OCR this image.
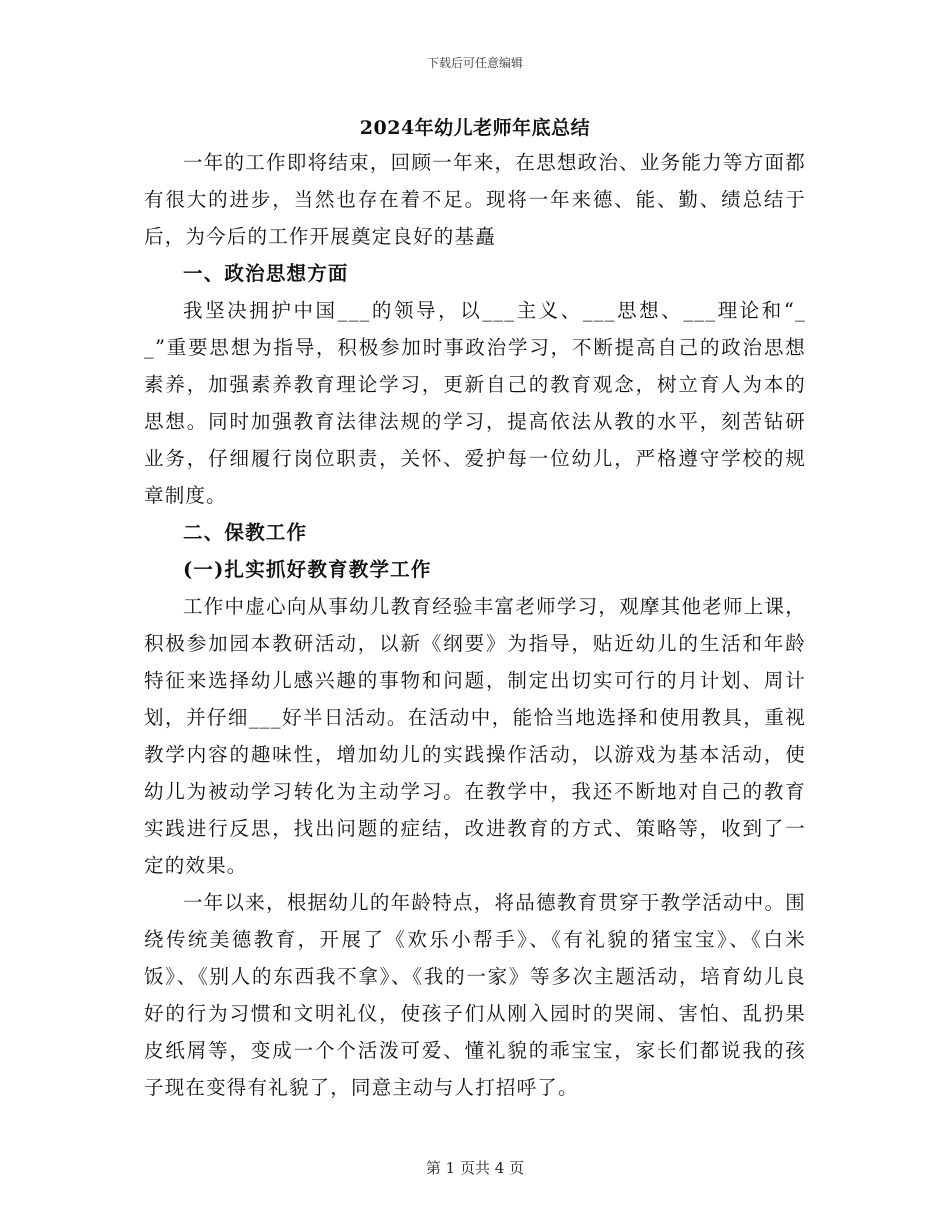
下载后可任意编辑
2024年幼儿老师年底总结

一年的工作即将结束，回顾一年来，在思想政治、业务能力等方面都有很大的进步，当然也存在着不足。现将一年来德、能、勤、绩总结于后，为今后的工作开展奠定良好的基矗

一、政治思想方面

我坚决拥护中国___的领导，以___主义、___思想、___理论和“__”重要思想为指导，积极参加时事政治学习，不断提高自己的政治思想素养，加强素养教育理论学习，更新自己的教育观念，树立育人为本的思想。同时加强教育法律法规的学习，提高依法从教的水平，刻苦钻研业务，仔细履行岗位职责，关怀、爱护每一位幼儿，严格遵守学校的规章制度。

二、保教工作

(一)扎实抓好教育教学工作

工作中虚心向从事幼儿教育经验丰富老师学习，观摩其他老师上课，积极参加园本教研活动，以新《纲要》为指导，贴近幼儿的生活和年龄特征来选择幼儿感兴趣的事物和问题，制定出切实可行的月计划、周计划，并仔细___好半日活动。在活动中，能恰当地选择和使用教具，重视教学内容的趣味性，增加幼儿的实践操作活动，以游戏为基本活动，使幼儿为被动学习转化为主动学习。在教学中，我还不断地对自己的教育实践进行反思，找出问题的症结，改进教育的方式、策略等，收到了一定的效果。

一年以来，根据幼儿的年龄特点，将品德教育贯穿于教学活动中。围绕传统美德教育，开展了《欢乐小帮手》、《有礼貌的猪宝宝》、《白米饭》、《别人的东西我不拿》、《我的一家》等多次主题活动，培育幼儿良好的行为习惯和文明礼仪，使孩子们从刚入园时的哭闹、害怕、乱扔果皮纸屑等，变成一个个活泼可爱、懂礼貌的乖宝宝，家长们都说我的孩子现在变得有礼貌了，同意主动与人打招呼了。

第 1 页共 4 页
